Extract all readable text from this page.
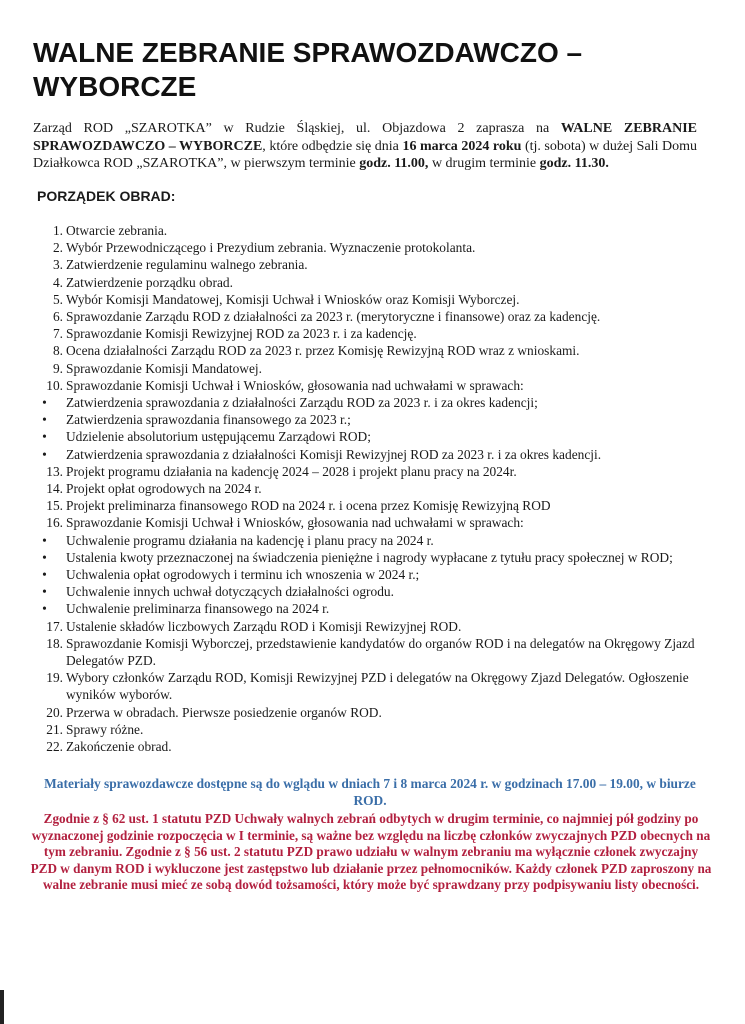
WALNE ZEBRANIE SPRAWOZDAWCZO – WYBORCZE

Zarząd ROD „SZAROTKA” w Rudzie Śląskiej, ul. Objazdowa 2 zaprasza na WALNE ZEBRANIE SPRAWOZDAWCZO – WYBORCZE, które odbędzie się dnia 16 marca 2024 roku (tj. sobota) w dużej Sali Domu Działkowca ROD „SZAROTKA”, w pierwszym terminie godz. 11.00, w drugim terminie godz. 11.30.

PORZĄDEK OBRAD:
1. Otwarcie zebrania.
2. Wybór Przewodniczącego i Prezydium zebrania. Wyznaczenie protokolanta.
3. Zatwierdzenie regulaminu walnego zebrania.
4. Zatwierdzenie porządku obrad.
5. Wybór Komisji Mandatowej, Komisji Uchwał i Wniosków oraz Komisji Wyborczej.
6. Sprawozdanie Zarządu ROD z działalności za 2023 r. (merytoryczne i finansowe) oraz za kadencję.
7. Sprawozdanie Komisji Rewizyjnej ROD za 2023 r. i za kadencję.
8. Ocena działalności Zarządu ROD za 2023 r. przez Komisję Rewizyjną ROD wraz z wnioskami.
9. Sprawozdanie Komisji Mandatowej.
10. Sprawozdanie Komisji Uchwał i Wniosków, głosowania nad uchwałami w sprawach:
•	Zatwierdzenia sprawozdania z działalności Zarządu ROD za 2023 r. i za okres kadencji;
•	Zatwierdzenia sprawozdania finansowego za 2023 r.;
•	Udzielenie absolutorium ustępującemu Zarządowi ROD;
•	Zatwierdzenia sprawozdania z działalności Komisji Rewizyjnej ROD za 2023 r. i za okres kadencji.
13. Projekt programu działania na kadencję 2024 – 2028 i projekt planu pracy na 2024r.
14. Projekt opłat ogrodowych na 2024 r.
15. Projekt preliminarza finansowego ROD na 2024 r. i ocena przez Komisję Rewizyjną ROD
16. Sprawozdanie Komisji Uchwał i Wniosków, głosowania nad uchwałami w sprawach:
•	Uchwalenie programu działania na kadencję i planu pracy na 2024 r.
•	Ustalenia kwoty przeznaczonej na świadczenia pieniężne i nagrody wypłacane z tytułu pracy społecznej w ROD;
•	Uchwalenia opłat ogrodowych i terminu ich wnoszenia w 2024 r.;
•	Uchwalenie innych uchwał dotyczących działalności ogrodu.
•	Uchwalenie preliminarza finansowego na 2024 r.
17. Ustalenie składów liczbowych Zarządu ROD i Komisji Rewizyjnej ROD.
18. Sprawozdanie Komisji Wyborczej, przedstawienie kandydatów do organów ROD i na delegatów na Okręgowy Zjazd Delegatów PZD.
19. Wybory członków Zarządu ROD, Komisji Rewizyjnej PZD i delegatów na Okręgowy Zjazd Delegatów. Ogłoszenie wyników wyborów.
20. Przerwa w obradach. Pierwsze posiedzenie organów ROD.
21. Sprawy różne.
22. Zakończenie obrad.

Materiały sprawozdawcze dostępne są do wglądu w dniach 7 i 8 marca 2024 r. w godzinach 17.00 – 19.00, w biurze ROD.

Zgodnie z § 62 ust. 1 statutu PZD Uchwały walnych zebrań odbytych w drugim terminie, co najmniej pół godziny po wyznaczonej godzinie rozpoczęcia w I terminie, są ważne bez względu na liczbę członków zwyczajnych PZD obecnych na tym zebraniu. Zgodnie z § 56 ust. 2 statutu PZD prawo udziału w walnym zebraniu ma wyłącznie członek zwyczajny PZD w danym ROD i wykluczone jest zastępstwo lub działanie przez pełnomocników. Każdy członek PZD zaproszony na walne zebranie musi mieć ze sobą dowód tożsamości, który może być sprawdzany przy podpisywaniu listy obecności.
